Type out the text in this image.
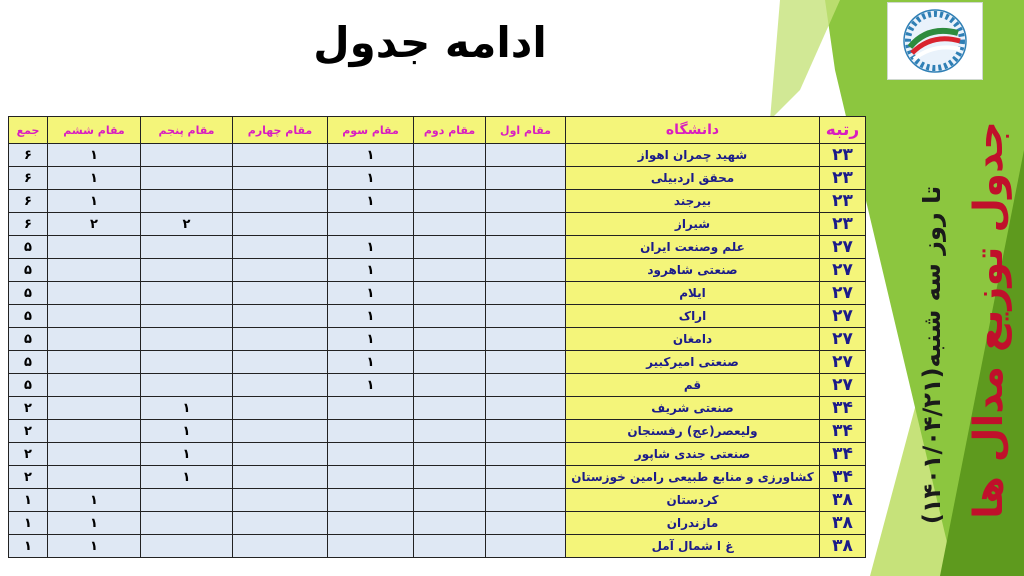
ادامه جدول
جدول توزیع مدال ها
تا روز سه شنبه(۱۴۰۱/۰۴/۲۱)
رتبه	دانشگاه	مقام اول	مقام دوم	مقام سوم	مقام چهارم	مقام پنجم	مقام ششم	جمع
۲۳	شهید چمران اهواز			۱			۱	۶
۲۳	محقق اردبیلی			۱			۱	۶
۲۳	بیرجند			۱			۱	۶
۲۳	شیراز					۲	۲	۶
۲۷	علم وصنعت ایران			۱				۵
۲۷	صنعتی شاهرود			۱				۵
۲۷	ایلام			۱				۵
۲۷	اراک			۱				۵
۲۷	دامغان			۱				۵
۲۷	صنعتی امیرکبیر			۱				۵
۲۷	قم			۱				۵
۳۴	صنعتی شریف					۱		۲
۳۴	ولیعصر(عج) رفسنجان					۱		۲
۳۴	صنعتی جندی شاپور					۱		۲
۳۴	کشاورزی و منابع طبیعی رامین خوزستان					۱		۲
۳۸	کردستان						۱	۱
۳۸	مازندران						۱	۱
۳۸	غ ا شمال آمل						۱	۱
